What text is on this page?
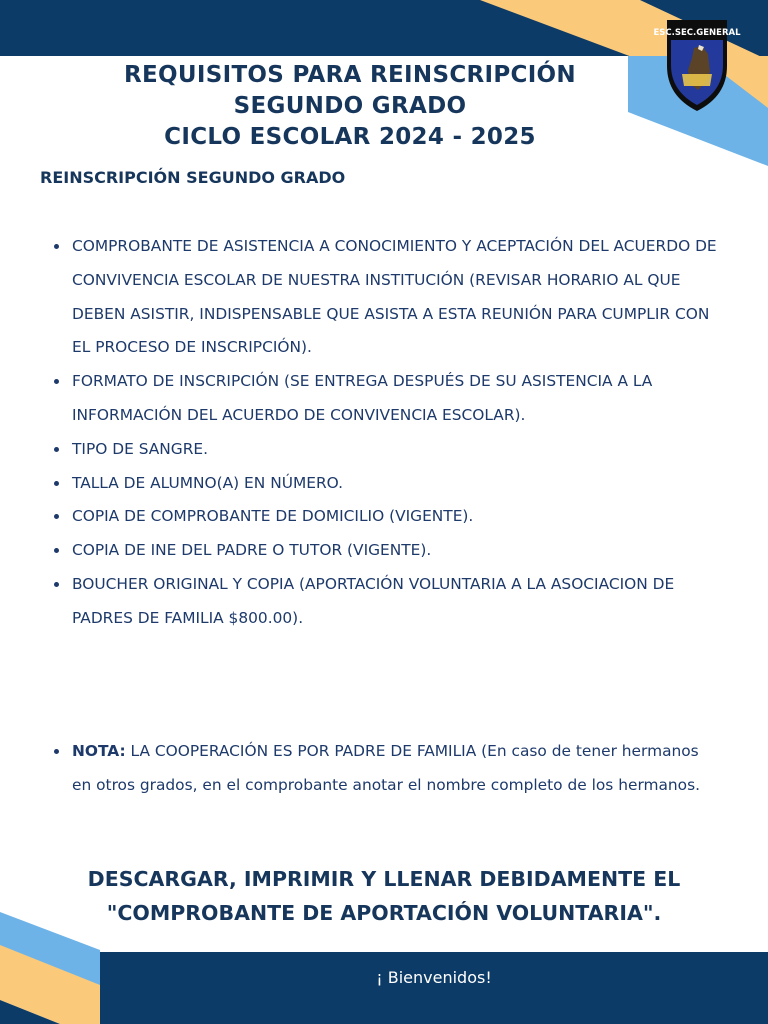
ESC.SEC.GENERAL
REQUISITOS PARA REINSCRIPCIÓN
SEGUNDO GRADO
CICLO ESCOLAR 2024 - 2025
REINSCRIPCIÓN SEGUNDO GRADO
COMPROBANTE DE ASISTENCIA A CONOCIMIENTO Y ACEPTACIÓN DEL ACUERDO DE CONVIVENCIA ESCOLAR DE NUESTRA INSTITUCIÓN (REVISAR HORARIO AL QUE DEBEN ASISTIR, INDISPENSABLE QUE ASISTA A ESTA REUNIÓN PARA CUMPLIR CON EL PROCESO DE INSCRIPCIÓN).
FORMATO DE INSCRIPCIÓN (SE ENTREGA DESPUÉS DE SU ASISTENCIA A LA INFORMACIÓN DEL ACUERDO DE CONVIVENCIA ESCOLAR).
TIPO DE SANGRE.
TALLA DE ALUMNO(A) EN NÚMERO.
COPIA DE COMPROBANTE DE DOMICILIO (VIGENTE).
COPIA DE INE DEL PADRE O TUTOR (VIGENTE).
BOUCHER ORIGINAL Y COPIA (APORTACIÓN VOLUNTARIA A LA ASOCIACION DE PADRES DE FAMILIA $800.00).
NOTA: LA COOPERACIÓN ES POR PADRE DE FAMILIA (En caso de tener hermanos en otros grados, en el comprobante anotar el nombre completo de los hermanos.
DESCARGAR, IMPRIMIR Y LLENAR DEBIDAMENTE EL
"COMPROBANTE DE APORTACIÓN VOLUNTARIA".
¡ Bienvenidos!
